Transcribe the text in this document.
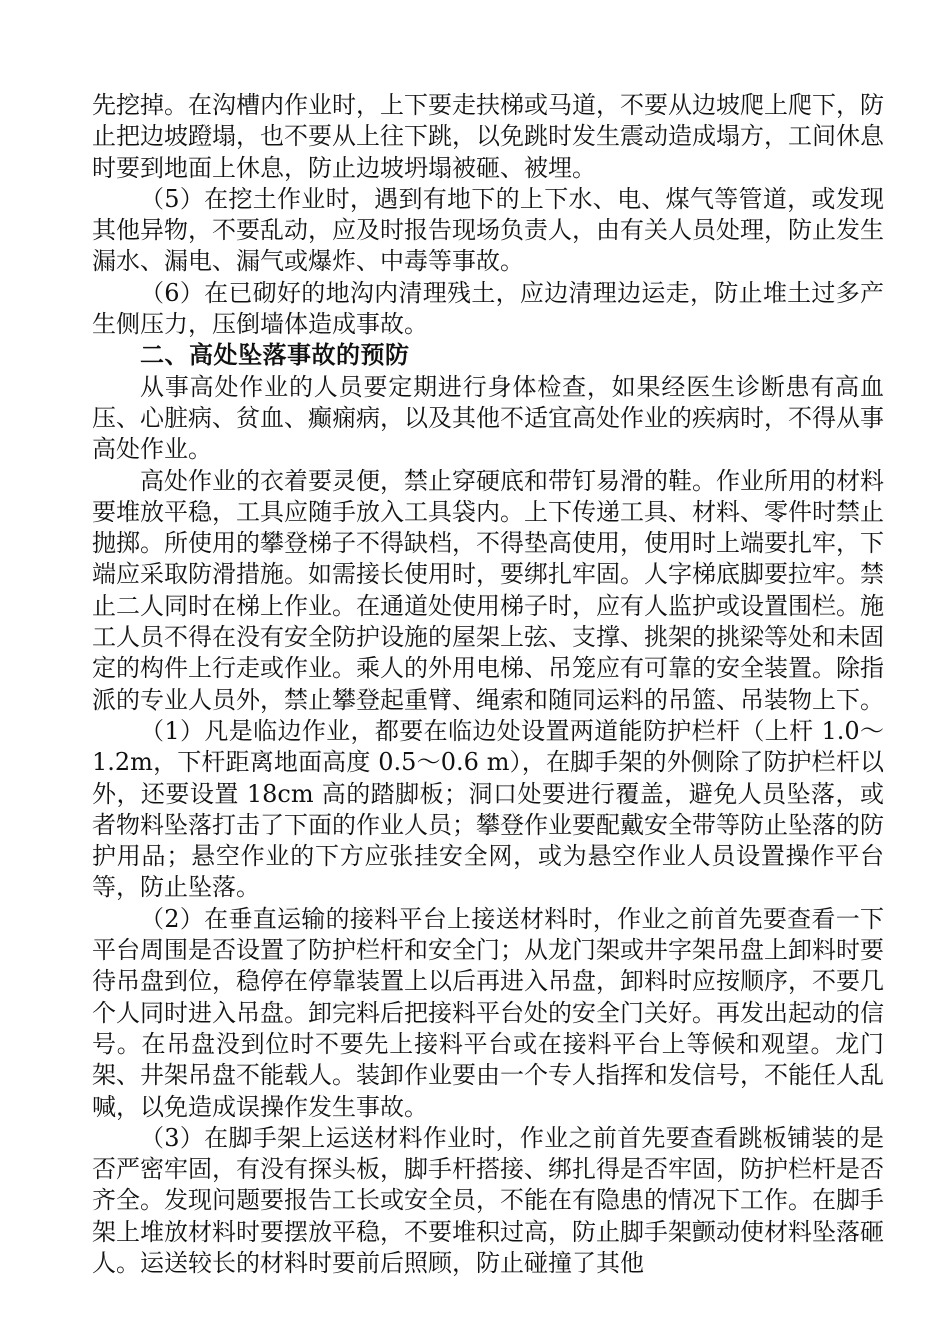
先挖掉。在沟槽内作业时，上下要走扶梯或马道，不要从边坡爬上爬下，防止把边坡蹬塌，也不要从上往下跳，以免跳时发生震动造成塌方，工间休息时要到地面上休息，防止边坡坍塌被砸、被埋。

（5）在挖土作业时，遇到有地下的上下水、电、煤气等管道，或发现其他异物，不要乱动，应及时报告现场负责人，由有关人员处理，防止发生漏水、漏电、漏气或爆炸、中毒等事故。

（6）在已砌好的地沟内清理残土，应边清理边运走，防止堆土过多产生侧压力，压倒墙体造成事故。

二、高处坠落事故的预防

从事高处作业的人员要定期进行身体检查，如果经医生诊断患有高血压、心脏病、贫血、癫痫病，以及其他不适宜高处作业的疾病时，不得从事高处作业。

高处作业的衣着要灵便，禁止穿硬底和带钉易滑的鞋。作业所用的材料要堆放平稳，工具应随手放入工具袋内。上下传递工具、材料、零件时禁止抛掷。所使用的攀登梯子不得缺档，不得垫高使用，使用时上端要扎牢，下端应采取防滑措施。如需接长使用时，要绑扎牢固。人字梯底脚要拉牢。禁止二人同时在梯上作业。在通道处使用梯子时，应有人监护或设置围栏。施工人员不得在没有安全防护设施的屋架上弦、支撑、挑架的挑梁等处和未固定的构件上行走或作业。乘人的外用电梯、吊笼应有可靠的安全装置。除指派的专业人员外，禁止攀登起重臂、绳索和随同运料的吊篮、吊装物上下。

（1）凡是临边作业，都要在临边处设置两道能防护栏杆（上杆 1.0～1.2m，下杆距离地面高度 0.5～0.6 m），在脚手架的外侧除了防护栏杆以外，还要设置 18cm 高的踏脚板；洞口处要进行覆盖，避免人员坠落，或者物料坠落打击了下面的作业人员；攀登作业要配戴安全带等防止坠落的防护用品；悬空作业的下方应张挂安全网，或为悬空作业人员设置操作平台等，防止坠落。

（2）在垂直运输的接料平台上接送材料时，作业之前首先要查看一下平台周围是否设置了防护栏杆和安全门；从龙门架或井字架吊盘上卸料时要待吊盘到位，稳停在停靠装置上以后再进入吊盘，卸料时应按顺序，不要几个人同时进入吊盘。卸完料后把接料平台处的安全门关好。再发出起动的信号。在吊盘没到位时不要先上接料平台或在接料平台上等候和观望。龙门架、井架吊盘不能载人。装卸作业要由一个专人指挥和发信号，不能任人乱喊，以免造成误操作发生事故。

（3）在脚手架上运送材料作业时，作业之前首先要查看跳板铺装的是否严密牢固，有没有探头板，脚手杆搭接、绑扎得是否牢固，防护栏杆是否齐全。发现问题要报告工长或安全员，不能在有隐患的情况下工作。在脚手架上堆放材料时要摆放平稳，不要堆积过高，防止脚手架颤动使材料坠落砸人。运送较长的材料时要前后照顾，防止碰撞了其他
